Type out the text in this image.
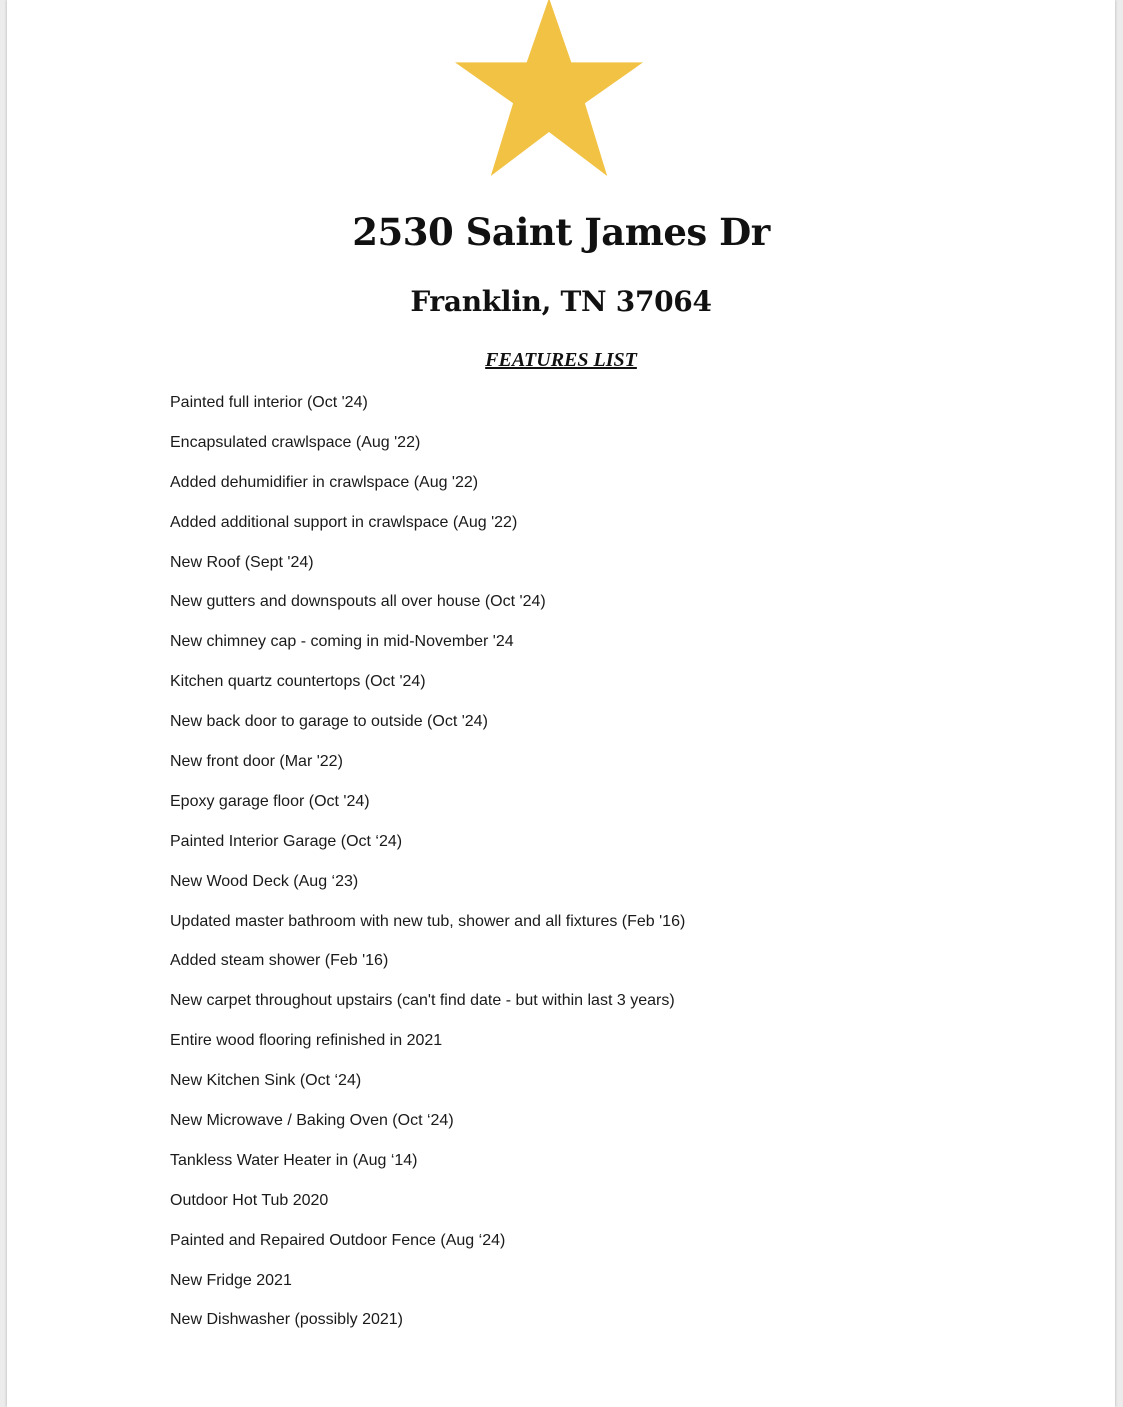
2530 Saint James Dr
Franklin, TN 37064
FEATURES LIST
Painted full interior (Oct '24)
Encapsulated crawlspace (Aug '22)
Added dehumidifier in crawlspace (Aug '22)
Added additional support in crawlspace (Aug '22)
New Roof (Sept '24)
New gutters and downspouts all over house (Oct '24)
New chimney cap - coming in mid-November '24
Kitchen quartz countertops (Oct '24)
New back door to garage to outside (Oct '24)
New front door (Mar '22)
Epoxy garage floor (Oct '24)
Painted Interior Garage (Oct ‘24)
New Wood Deck (Aug ‘23)
Updated master bathroom with new tub, shower and all fixtures (Feb '16)
Added steam shower (Feb '16)
New carpet throughout upstairs (can't find date - but within last 3 years)
Entire wood flooring refinished in 2021
New Kitchen Sink (Oct ‘24)
New Microwave / Baking Oven (Oct ‘24)
Tankless Water Heater in (Aug ‘14)
Outdoor Hot Tub 2020
Painted and Repaired Outdoor Fence (Aug ‘24)
New Fridge 2021
New Dishwasher (possibly 2021)
